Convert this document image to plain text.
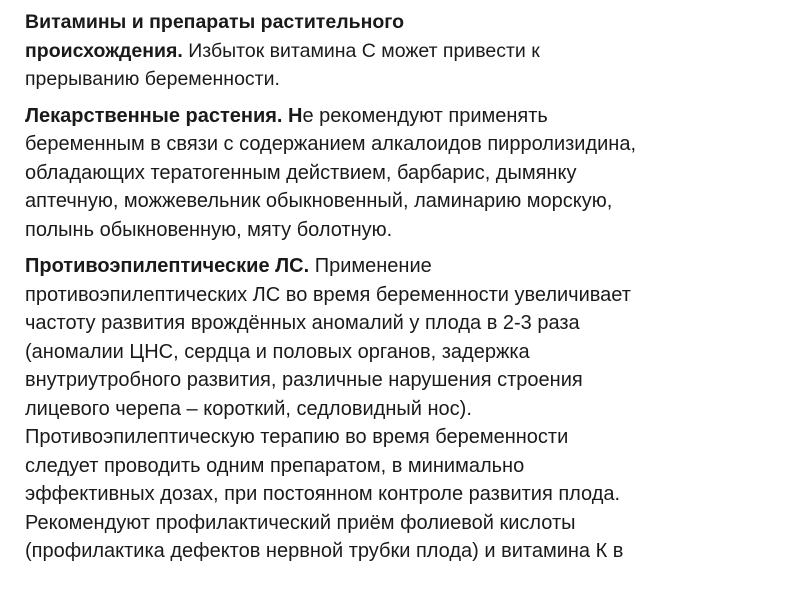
Витамины и препараты растительного
происхождения. Избыток витамина С может привести к
прерыванию беременности.

Лекарственные растения. Не рекомендуют применять
беременным в связи с содержанием алкалоидов пирролизидина,
обладающих тератогенным действием, барбарис, дымянку
аптечную, можжевельник обыкновенный, ламинарию морскую,
полынь обыкновенную, мяту болотную.

Противоэпилептические ЛС. Применение
противоэпилептических ЛС во время беременности увеличивает
частоту развития врождённых аномалий у плода в 2-3 раза
(аномалии ЦНС, сердца и половых органов, задержка
внутриутробного развития, различные нарушения строения
лицевого черепа – короткий, седловидный нос).
Противоэпилептическую терапию во время беременности
следует проводить одним препаратом, в минимально
эффективных дозах, при постоянном контроле развития плода.
Рекомендуют профилактический приём фолиевой кислоты
(профилактика дефектов нервной трубки плода) и витамина К в
